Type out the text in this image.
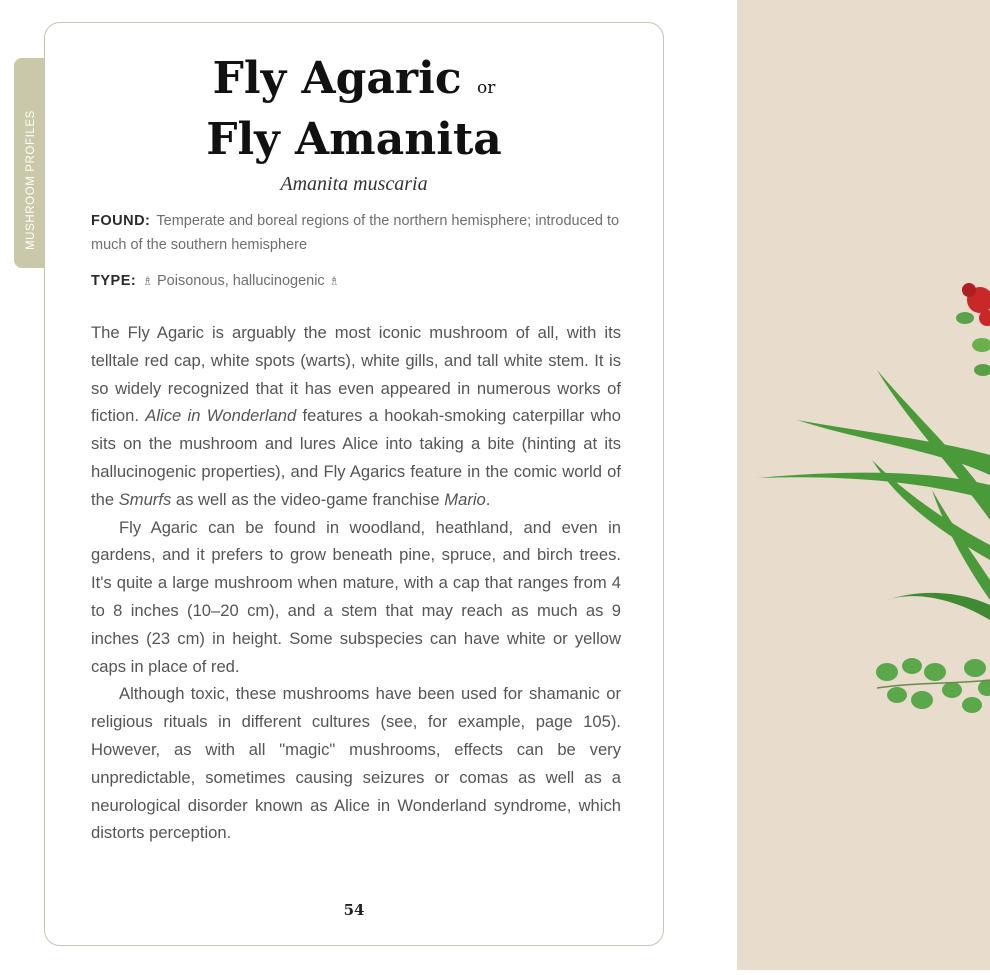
MUSHROOM PROFILES
Fly Agaric or
Fly Amanita
Amanita muscaria
FOUND: Temperate and boreal regions of the northern hemisphere; introduced to much of the southern hemisphere
TYPE: ♗ Poisonous, hallucinogenic ♗

The Fly Agaric is arguably the most iconic mushroom of all, with its telltale red cap, white spots (warts), white gills, and tall white stem. It is so widely recognized that it has even appeared in numerous works of fiction. Alice in Wonderland features a hookah-smoking caterpillar who sits on the mushroom and lures Alice into taking a bite (hinting at its hallucinogenic properties), and Fly Agarics feature in the comic world of the Smurfs as well as the video-game franchise Mario.

Fly Agaric can be found in woodland, heathland, and even in gardens, and it prefers to grow beneath pine, spruce, and birch trees. It's quite a large mushroom when mature, with a cap that ranges from 4 to 8 inches (10–20 cm), and a stem that may reach as much as 9 inches (23 cm) in height. Some subspecies can have white or yellow caps in place of red.

Although toxic, these mushrooms have been used for shamanic or religious rituals in different cultures (see, for example, page 105). However, as with all "magic" mushrooms, effects can be very unpredictable, sometimes causing seizures or comas as well as a neurological disorder known as Alice in Wonderland syndrome, which distorts perception.

54
